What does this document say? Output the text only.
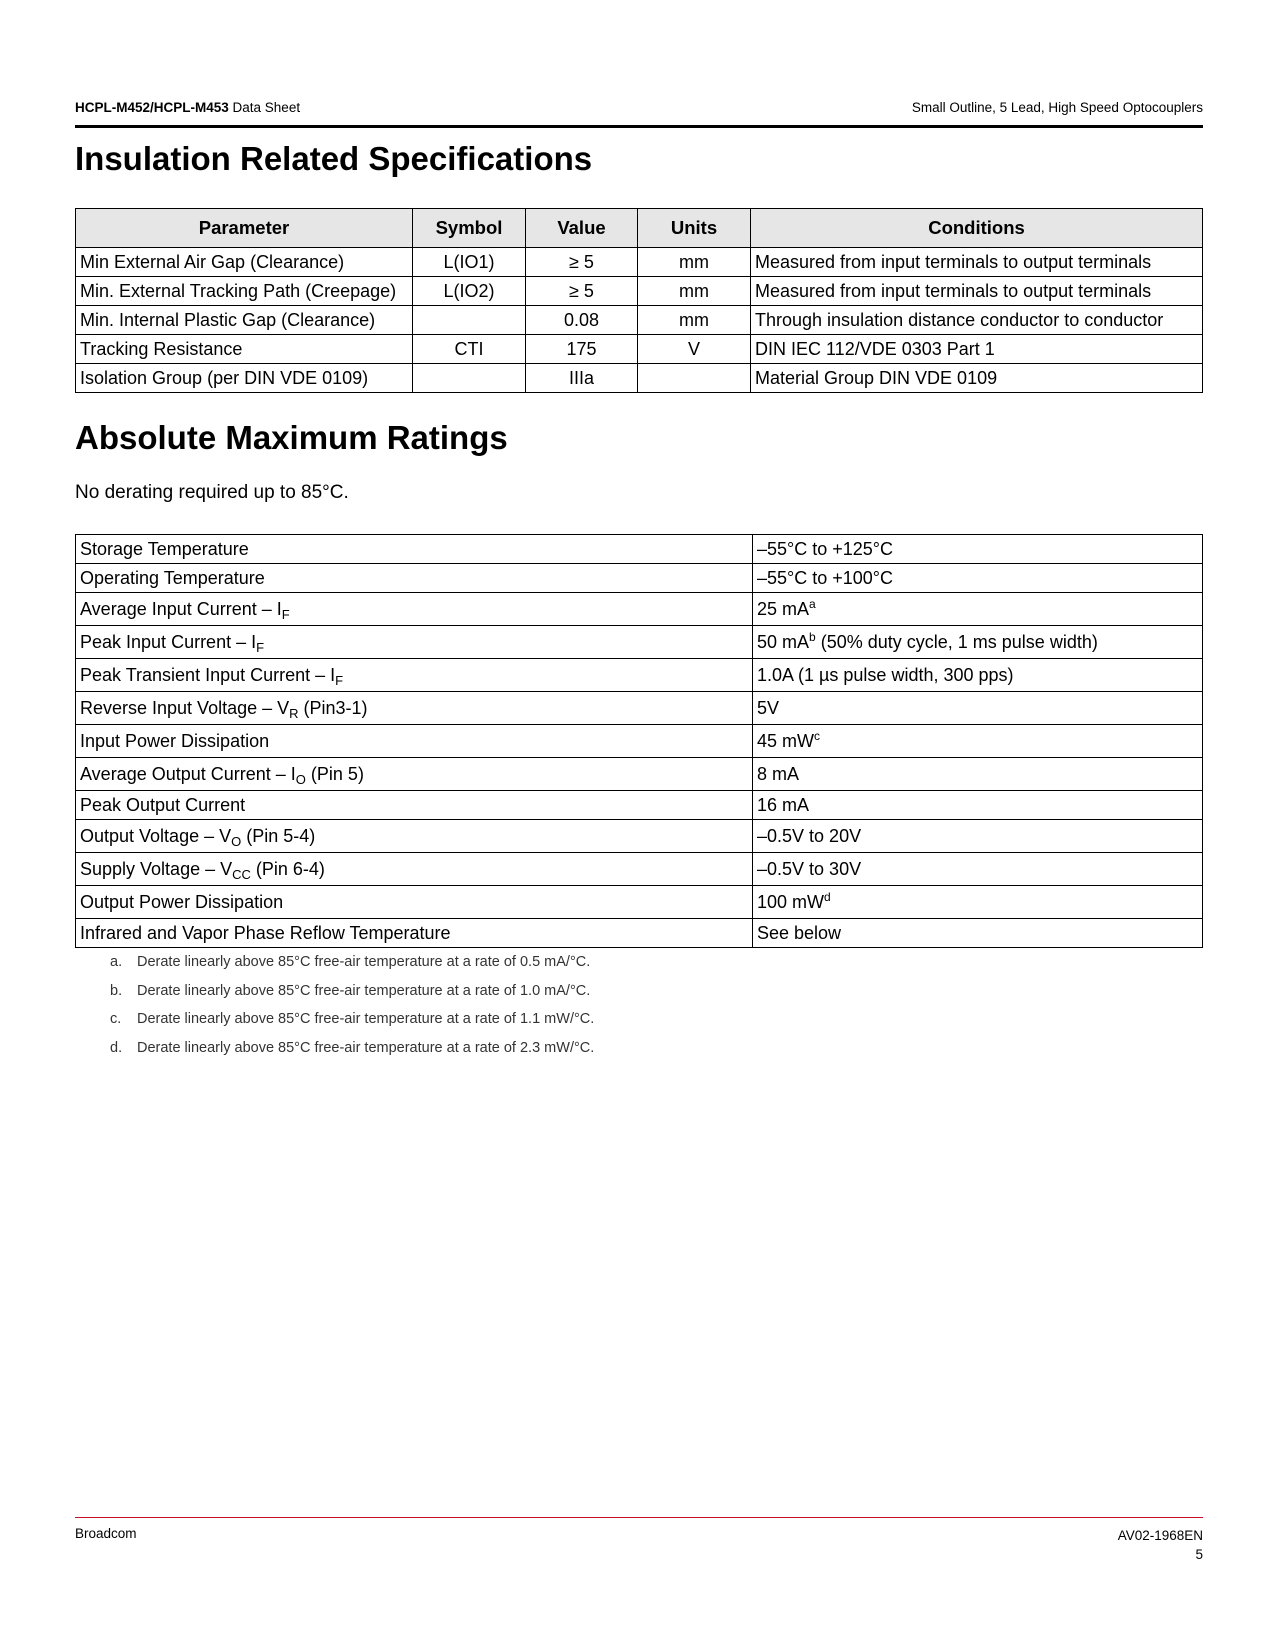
HCPL-M452/HCPL-M453 Data Sheet	Small Outline, 5 Lead, High Speed Optocouplers
Insulation Related Specifications
Parameter	Symbol	Value	Units	Conditions
Min External Air Gap (Clearance)	L(IO1)	≥ 5	mm	Measured from input terminals to output terminals
Min. External Tracking Path (Creepage)	L(IO2)	≥ 5	mm	Measured from input terminals to output terminals
Min. Internal Plastic Gap (Clearance)		0.08	mm	Through insulation distance conductor to conductor
Tracking Resistance	CTI	175	V	DIN IEC 112/VDE 0303 Part 1
Isolation Group (per DIN VDE 0109)		IIIa		Material Group DIN VDE 0109
Absolute Maximum Ratings
No derating required up to 85°C.
Storage Temperature	–55°C to +125°C
Operating Temperature	–55°C to +100°C
Average Input Current – $I_F$	25 $mA^a$
Peak Input Current – $I_F$	50 $mA^b$ (50% duty cycle, 1 ms pulse width)
Peak Transient Input Current – $I_F$	1.0A (1 µs pulse width, 300 pps)
Reverse Input Voltage – $V_R$ (Pin3-1)	5V
Input Power Dissipation	45 $mW^c$
Average Output Current – $I_O$ (Pin 5)	8 mA
Peak Output Current	16 mA
Output Voltage – $V_O$ (Pin 5-4)	–0.5V to 20V
Supply Voltage – $V_{CC}$ (Pin 6-4)	–0.5V to 30V
Output Power Dissipation	100 $mW^d$
Infrared and Vapor Phase Reflow Temperature	See below
a. Derate linearly above 85°C free-air temperature at a rate of 0.5 mA/°C.
b. Derate linearly above 85°C free-air temperature at a rate of 1.0 mA/°C.
c. Derate linearly above 85°C free-air temperature at a rate of 1.1 mW/°C.
d. Derate linearly above 85°C free-air temperature at a rate of 2.3 mW/°C.
Broadcom	AV02-1968EN
5
